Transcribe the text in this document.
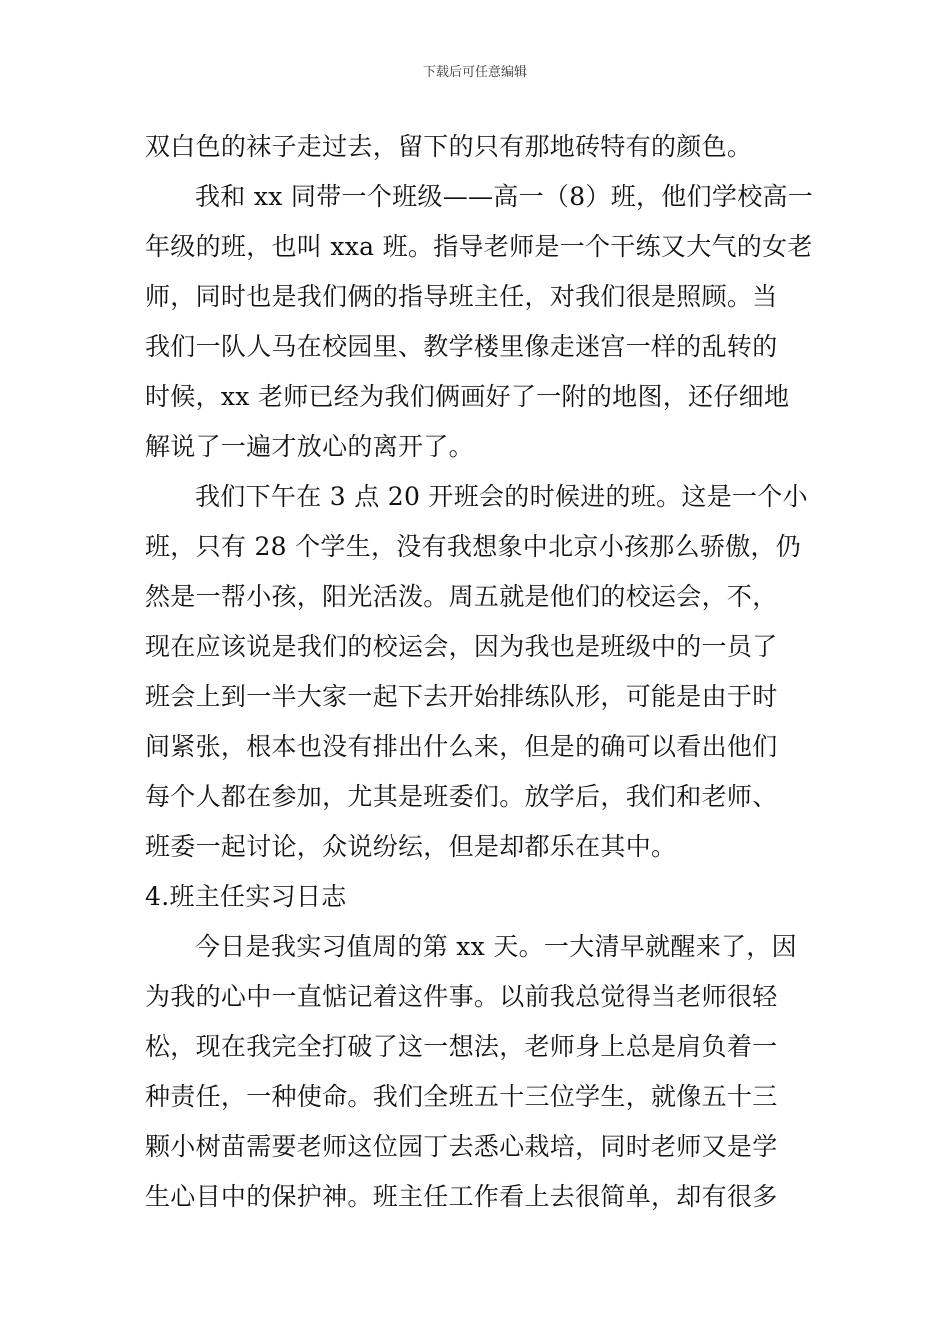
下载后可任意编辑
双白色的袜子走过去，留下的只有那地砖特有的颜色。
我和 xx 同带一个班级——高一（8）班，他们学校高一
年级的班，也叫 xxa 班。指导老师是一个干练又大气的女老
师，同时也是我们俩的指导班主任，对我们很是照顾。当
我们一队人马在校园里、教学楼里像走迷宫一样的乱转的
时候，xx 老师已经为我们俩画好了一附的地图，还仔细地
解说了一遍才放心的离开了。
我们下午在 3 点 20 开班会的时候进的班。这是一个小
班，只有 28 个学生，没有我想象中北京小孩那么骄傲，仍
然是一帮小孩，阳光活泼。周五就是他们的校运会，不，
现在应该说是我们的校运会，因为我也是班级中的一员了
班会上到一半大家一起下去开始排练队形，可能是由于时
间紧张，根本也没有排出什么来，但是的确可以看出他们
每个人都在参加，尤其是班委们。放学后，我们和老师、
班委一起讨论，众说纷纭，但是却都乐在其中。
4.班主任实习日志
今日是我实习值周的第 xx 天。一大清早就醒来了，因
为我的心中一直惦记着这件事。以前我总觉得当老师很轻
松，现在我完全打破了这一想法，老师身上总是肩负着一
种责任，一种使命。我们全班五十三位学生，就像五十三
颗小树苗需要老师这位园丁去悉心栽培，同时老师又是学
生心目中的保护神。班主任工作看上去很简单，却有很多
